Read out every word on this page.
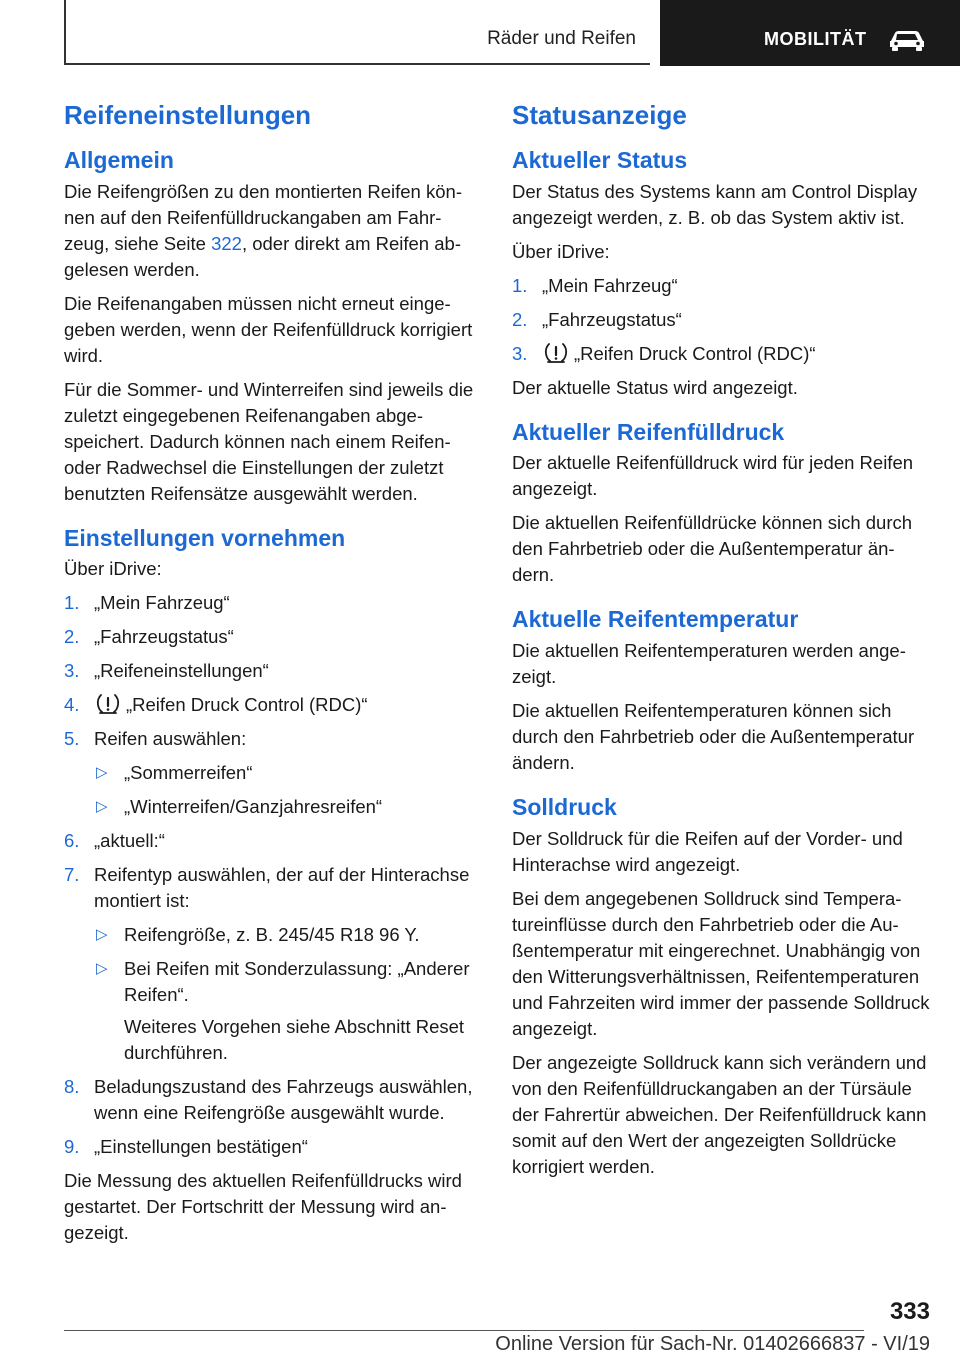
Räder und Reifen	MOBILITÄT
Reifeneinstellungen
Allgemein

Die Reifengrößen zu den montierten Reifen können auf den Reifenfülldruckangaben am Fahrzeug, siehe Seite 322, oder direkt am Reifen abgelesen werden.

Die Reifenangaben müssen nicht erneut eingegeben werden, wenn der Reifenfülldruck korrigiert wird.

Für die Sommer- und Winterreifen sind jeweils die zuletzt eingegebenen Reifenangaben abgespeichert. Dadurch können nach einem Reifen- oder Radwechsel die Einstellungen der zuletzt benutzten Reifensätze ausgewählt werden.

Einstellungen vornehmen

Über iDrive:

1. „Mein Fahrzeug“
2. „Fahrzeugstatus“
3. „Reifeneinstellungen“
4.	„Reifen Druck Control (RDC)“
5. Reifen auswählen:
▷ „Sommerreifen“
▷ „Winterreifen/Ganzjahresreifen“
6. „aktuell:“
7. Reifentyp auswählen, der auf der Hinterachse montiert ist:
▷ Reifengröße, z. B. 245/45 R18 96 Y.
▷ Bei Reifen mit Sonderzulassung: „Anderer Reifen“.

Weiteres Vorgehen siehe Abschnitt Reset durchführen.

8. Beladungszustand des Fahrzeugs auswählen, wenn eine Reifengröße ausgewählt wurde.
9. „Einstellungen bestätigen“

Die Messung des aktuellen Reifenfülldrucks wird gestartet. Der Fortschritt der Messung wird angezeigt.

Statusanzeige
Aktueller Status

Der Status des Systems kann am Control Display angezeigt werden, z. B. ob das System aktiv ist.

Über iDrive:

1. „Mein Fahrzeug“
2. „Fahrzeugstatus“
3.	„Reifen Druck Control (RDC)“

Der aktuelle Status wird angezeigt.

Aktueller Reifenfülldruck

Der aktuelle Reifenfülldruck wird für jeden Reifen angezeigt.

Die aktuellen Reifenfülldrücke können sich durch den Fahrbetrieb oder die Außentemperatur ändern.

Aktuelle Reifentemperatur

Die aktuellen Reifentemperaturen werden angezeigt.

Die aktuellen Reifentemperaturen können sich durch den Fahrbetrieb oder die Außentemperatur ändern.

Solldruck

Der Solldruck für die Reifen auf der Vorder- und Hinterachse wird angezeigt.

Bei dem angegebenen Solldruck sind Temperatureinflüsse durch den Fahrbetrieb oder die Außentemperatur mit eingerechnet. Unabhängig von den Witterungsverhältnissen, Reifentemperaturen und Fahrzeiten wird immer der passende Solldruck angezeigt.

Der angezeigte Solldruck kann sich verändern und von den Reifenfülldruckangaben an der Türsäule der Fahrertür abweichen. Der Reifenfülldruck kann somit auf den Wert der angezeigten Solldrücke korrigiert werden.

333
Online Version für Sach-Nr. 01402666837 - VI/19
